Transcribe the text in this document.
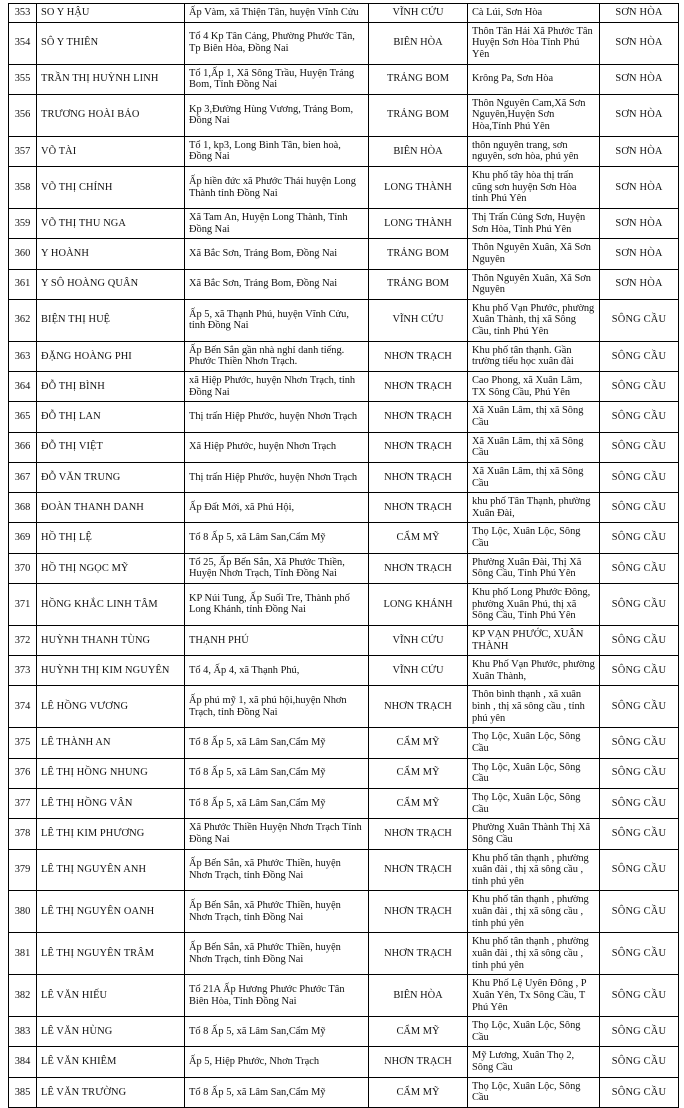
353	SO Y HẬU	Ấp Vàm, xã Thiện Tân, huyện Vĩnh Cửu	VĨNH CỬU	Cà Lúi, Sơn Hòa	SƠN HÒA
354	SÔ Y THIÊN	Tổ 4 Kp Tân Cảng, Phường Phước Tân, Tp Biên Hòa, Đồng Nai	BIÊN HÒA	Thôn Tân Hải Xã Phước Tân Huyện Sơn Hòa Tỉnh Phú Yên	SƠN HÒA
355	TRẦN THỊ HUỲNH LINH	Tổ 1,Ấp 1, Xã Sông Trầu, Huyện Trảng Bom, Tỉnh Đồng Nai	TRẢNG BOM	Krông Pa, Sơn Hòa	SƠN HÒA
356	TRƯƠNG HOÀI BẢO	Kp 3,Đường Hùng Vương, Trảng Bom, Đồng Nai	TRẢNG BOM	Thôn Nguyên Cam,Xã Sơn Nguyên,Huyện Sơn Hòa,Tỉnh Phú Yên	SƠN HÒA
357	VÕ TÀI	Tổ 1, kp3, Long Bình Tân, bien hoà, Đồng Nai	BIÊN HÒA	thôn nguyên trang, sơn nguyên, sơn hòa, phú yên	SƠN HÒA
358	VÕ THỊ CHÍNH	Ấp hiền đức xã Phước Thái huyện Long Thành tỉnh Đồng Nai	LONG THÀNH	Khu phố tây hòa thị trấn cũng sơn huyện Sơn Hòa tỉnh Phú Yên	SƠN HÒA
359	VÕ THỊ THU NGA	Xã Tam An, Huyện Long Thành, Tỉnh Đồng Nai	LONG THÀNH	Thị Trấn Củng Sơn, Huyện Sơn Hòa, Tỉnh Phú Yên	SƠN HÒA
360	Y HOÀNH	Xã Bắc Sơn, Trảng Bom, Đồng Nai	TRẢNG BOM	Thôn Nguyên Xuân, Xã Sơn Nguyên	SƠN HÒA
361	Y SÔ HOÀNG QUÂN	Xã Bắc Sơn, Trảng Bom, Đồng Nai	TRẢNG BOM	Thôn Nguyên Xuân, Xã Sơn Nguyên	SƠN HÒA
362	BIỆN THỊ HUỆ	Ấp 5, xã Thạnh Phú, huyện Vĩnh Cửu, tỉnh Đồng Nai	VĨNH CỬU	Khu phố Vạn Phước, phường Xuân Thành, thị xã Sông Cầu, tỉnh Phú Yên	SÔNG CẦU
363	ĐẶNG HOÀNG PHI	Ấp Bến Sắn gần nhà nghỉ danh tiếng. Phước Thiền Nhơn Trạch.	NHƠN TRẠCH	Khu phố tân thạnh. Gần trường tiểu học xuân đài	SÔNG CẦU
364	ĐỖ THỊ BÌNH	xã Hiệp Phước, huyện Nhơn Trạch, tỉnh Đồng Nai	NHƠN TRẠCH	Cao Phong, xã Xuân Lâm, TX Sông Cầu, Phú Yên	SÔNG CẦU
365	ĐỖ THỊ LAN	Thị trấn Hiệp Phước, huyện Nhơn Trạch	NHƠN TRẠCH	Xã Xuân Lâm, thị xã Sông Cầu	SÔNG CẦU
366	ĐỖ THỊ VIỆT	Xã Hiệp Phước, huyện Nhơn Trạch	NHƠN TRẠCH	Xã Xuân Lâm, thị xã Sông Cầu	SÔNG CẦU
367	ĐỖ VĂN TRUNG	Thị trấn Hiệp Phước, huyện Nhơn Trạch	NHƠN TRẠCH	Xã Xuân Lâm, thị xã Sông Cầu	SÔNG CẦU
368	ĐOÀN THANH DANH	Ấp Đất Mới, xã Phú Hội,	NHƠN TRẠCH	khu phố Tân Thạnh, phường Xuân Đài,	SÔNG CẦU
369	HỒ THỊ LỆ	Tổ 8 Ấp 5, xã Lâm San,Cẩm Mỹ	CẨM MỸ	Thọ Lộc, Xuân Lộc, Sông Cầu	SÔNG CẦU
370	HỒ THỊ NGỌC MỸ	Tổ 25, Ấp Bến Sắn, Xã Phước Thiền, Huyện Nhơn Trạch, Tỉnh Đồng Nai	NHƠN TRẠCH	Phường Xuân Đài, Thị Xã Sông Cầu, Tỉnh Phú Yên	SÔNG CẦU
371	HỒNG KHẮC LINH TÂM	KP Núi Tung, Ấp Suối Tre, Thành phố Long Khánh, tỉnh Đồng Nai	LONG KHÁNH	Khu phố Long Phước Đông, phường Xuân Phú, thị xã Sông Cầu, Tỉnh Phú Yên	SÔNG CẦU
372	HUỲNH THANH TÙNG	THẠNH PHÚ	VĨNH CỬU	KP VẠN PHƯỚC, XUÂN THÀNH	SÔNG CẦU
373	HUỲNH THỊ KIM NGUYÊN	Tổ 4, Ấp 4, xã Thạnh Phú,	VĨNH CỬU	Khu Phố Vạn Phước, phường Xuân Thành,	SÔNG CẦU
374	LÊ HỒNG VƯƠNG	Ấp phú mỹ 1, xã phú hội,huyện Nhơn Trạch, tỉnh Đồng Nai	NHƠN TRẠCH	Thôn bình thạnh , xã xuân bình , thị xã sông cầu , tỉnh phú yên	SÔNG CẦU
375	LÊ THÀNH AN	Tổ 8 Ấp 5, xã Lâm San,Cẩm Mỹ	CẨM MỸ	Thọ Lộc, Xuân Lộc, Sông Cầu	SÔNG CẦU
376	LÊ THỊ HỒNG NHUNG	Tổ 8 Ấp 5, xã Lâm San,Cẩm Mỹ	CẨM MỸ	Thọ Lộc, Xuân Lộc, Sông Cầu	SÔNG CẦU
377	LÊ THỊ HỒNG VÂN	Tổ 8 Ấp 5, xã Lâm San,Cẩm Mỹ	CẨM MỸ	Thọ Lộc, Xuân Lộc, Sông Cầu	SÔNG CẦU
378	LÊ THỊ KIM PHƯƠNG	Xã Phước Thiền Huyện Nhơn Trạch Tỉnh Đồng Nai	NHƠN TRẠCH	Phường Xuân Thành Thị Xã Sông Cầu	SÔNG CẦU
379	LÊ THỊ NGUYÊN ANH	Ấp Bến Sắn, xã Phước Thiền, huyện Nhơn Trạch, tỉnh Đồng Nai	NHƠN TRẠCH	Khu phố tân thạnh , phường xuân đài , thị xã sông cầu , tỉnh phú yên	SÔNG CẦU
380	LÊ THỊ NGUYÊN OANH	Ấp Bến Sắn, xã Phước Thiền, huyện Nhơn Trạch, tỉnh Đồng Nai	NHƠN TRẠCH	Khu phố tân thạnh , phường xuân đài , thị xã sông cầu , tỉnh phú yên	SÔNG CẦU
381	LÊ THỊ NGUYÊN TRÂM	Ấp Bến Sắn, xã Phước Thiền, huyện Nhơn Trạch, tỉnh Đồng Nai	NHƠN TRẠCH	Khu phố tân thạnh , phường xuân đài , thị xã sông cầu , tỉnh phú yên	SÔNG CẦU
382	LÊ VĂN HIẾU	Tổ 21A Ấp Hương Phước Phước Tân Biên Hòa, Tỉnh Đồng Nai	BIÊN HÒA	Khu Phố Lệ Uyên Đông , P Xuân Yên, Tx Sông Cầu, T Phú Yên	SÔNG CẦU
383	LÊ VĂN HÙNG	Tổ 8 Ấp 5, xã Lâm San,Cẩm Mỹ	CẨM MỸ	Thọ Lộc, Xuân Lộc, Sông Cầu	SÔNG CẦU
384	LÊ VĂN KHIÊM	Ấp 5, Hiệp Phước, Nhơn Trạch	NHƠN TRẠCH	Mỹ Lương, Xuân Thọ 2, Sông Cầu	SÔNG CẦU
385	LÊ VĂN TRƯỜNG	Tổ 8 Ấp 5, xã Lâm San,Cẩm Mỹ	CẨM MỸ	Thọ Lộc, Xuân Lộc, Sông Cầu	SÔNG CẦU
